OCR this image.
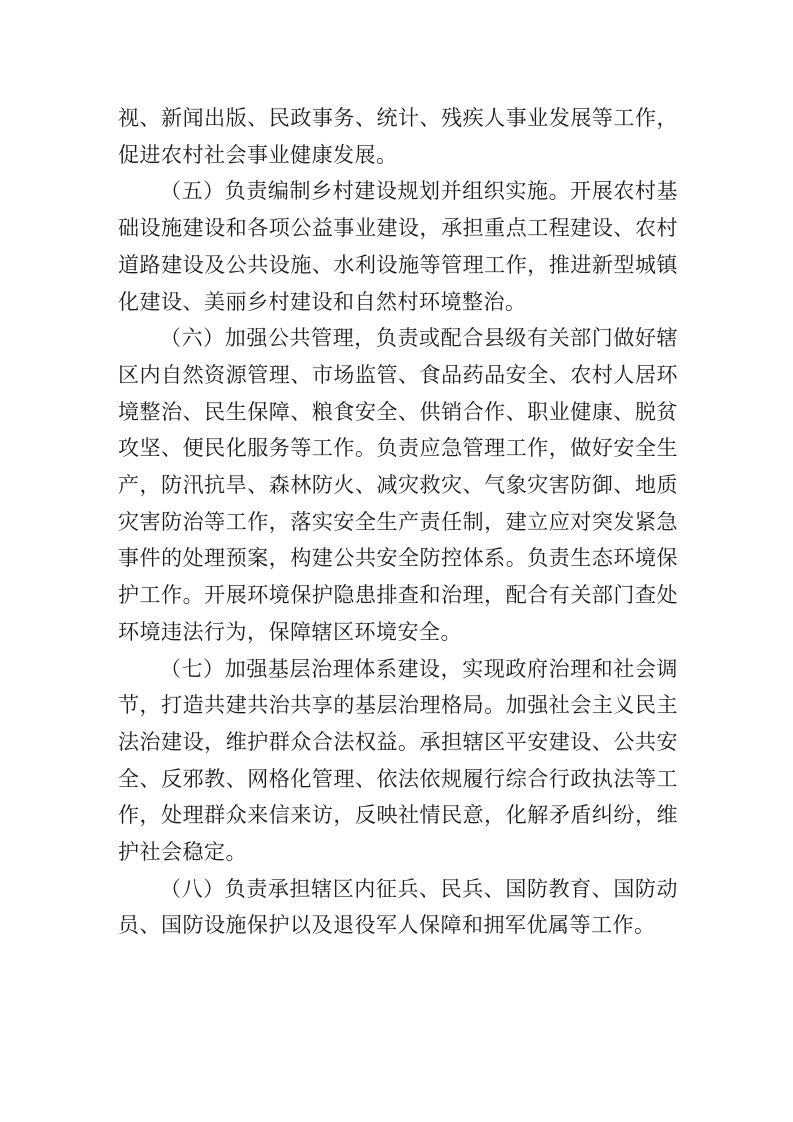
视、新闻出版、民政事务、统计、残疾人事业发展等工作，
促进农村社会事业健康发展。

（五）负责编制乡村建设规划并组织实施。开展农村基
础设施建设和各项公益事业建设，承担重点工程建设、农村
道路建设及公共设施、水利设施等管理工作，推进新型城镇
化建设、美丽乡村建设和自然村环境整治。

（六）加强公共管理，负责或配合县级有关部门做好辖
区内自然资源管理、市场监管、食品药品安全、农村人居环
境整治、民生保障、粮食安全、供销合作、职业健康、脱贫
攻坚、便民化服务等工作。负责应急管理工作，做好安全生
产，防汛抗旱、森林防火、减灾救灾、气象灾害防御、地质
灾害防治等工作，落实安全生产责任制，建立应对突发紧急
事件的处理预案，构建公共安全防控体系。负责生态环境保
护工作。开展环境保护隐患排查和治理，配合有关部门查处
环境违法行为，保障辖区环境安全。

（七）加强基层治理体系建设，实现政府治理和社会调
节，打造共建共治共享的基层治理格局。加强社会主义民主
法治建设，维护群众合法权益。承担辖区平安建设、公共安
全、反邪教、网格化管理、依法依规履行综合行政执法等工
作，处理群众来信来访，反映社情民意，化解矛盾纠纷，维
护社会稳定。

（八）负责承担辖区内征兵、民兵、国防教育、国防动
员、国防设施保护以及退役军人保障和拥军优属等工作。
